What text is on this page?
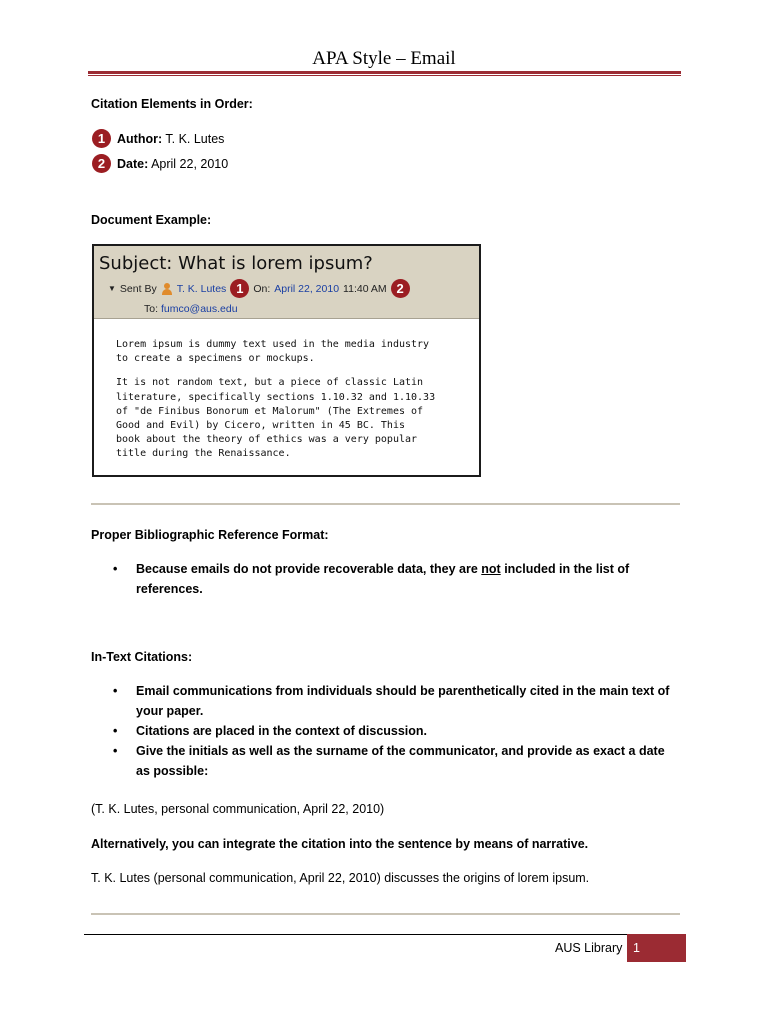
APA Style – Email
Citation Elements in Order:
1 Author: T. K. Lutes
2 Date: April 22, 2010
Document Example:
Subject: What is lorem ipsum?
▼ Sent By T. K. Lutes 1 On: April 22, 2010 11:40 AM 2
To: fumco@aus.edu

Lorem ipsum is dummy text used in the media industry
to create a specimens or mockups.

It is not random text, but a piece of classic Latin
literature, specifically sections 1.10.32 and 1.10.33
of "de Finibus Bonorum et Malorum" (The Extremes of
Good and Evil) by Cicero, written in 45 BC. This
book about the theory of ethics was a very popular
title during the Renaissance.

Proper Bibliographic Reference Format:
• Because emails do not provide recoverable data, they are not included in the list of references.
In-Text Citations:
• Email communications from individuals should be parenthetically cited in the main text of your paper.
• Citations are placed in the context of discussion.
• Give the initials as well as the surname of the communicator, and provide as exact a date as possible:
(T. K. Lutes, personal communication, April 22, 2010)
Alternatively, you can integrate the citation into the sentence by means of narrative.
T. K. Lutes (personal communication, April 22, 2010) discusses the origins of lorem ipsum.
AUS Library 1
